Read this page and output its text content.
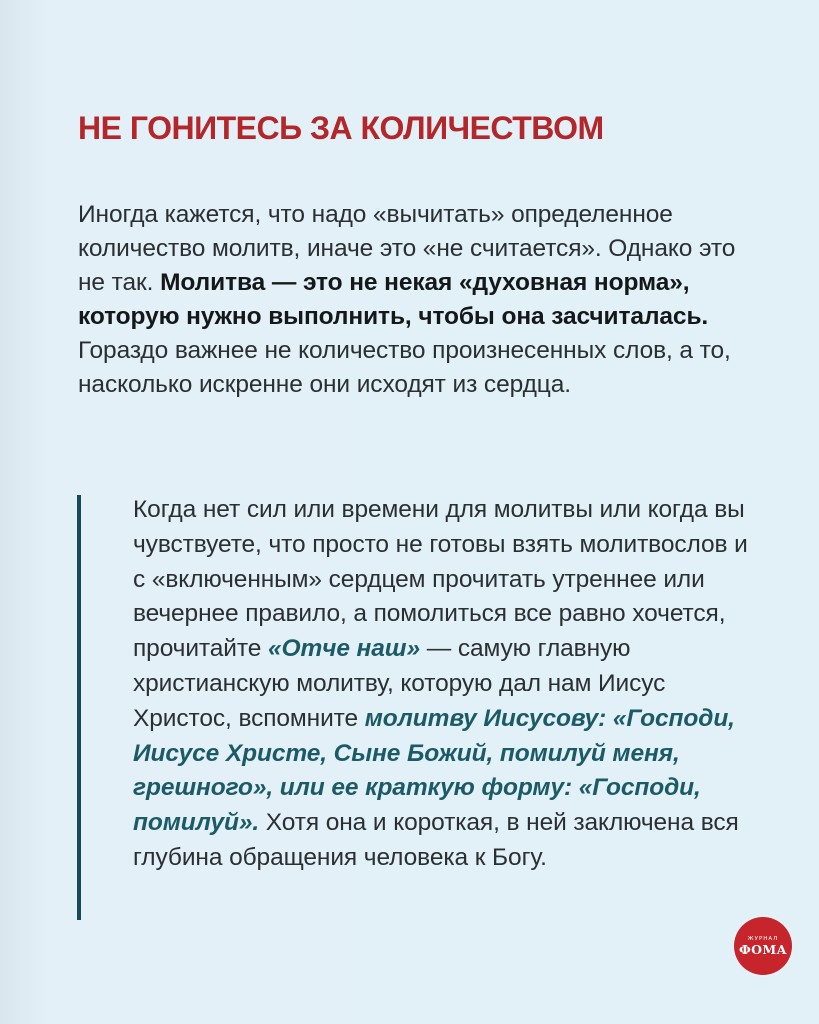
НЕ ГОНИТЕСЬ ЗА КОЛИЧЕСТВОМ

Иногда кажется, что надо «вычитать» определенное количество молитв, иначе это «не считается». Однако это не так. Молитва — это не некая «духовная норма», которую нужно выполнить, чтобы она засчиталась. Гораздо важнее не количество произнесенных слов, а то, насколько искренне они исходят из сердца.

Когда нет сил или времени для молитвы или когда вы чувствуете, что просто не готовы взять молитвослов и с «включенным» сердцем прочитать утреннее или вечернее правило, а помолиться все равно хочется, прочитайте «Отче наш» — самую главную христианскую молитву, которую дал нам Иисус Христос, вспомните молитву Иисусову: «Господи, Иисусе Христе, Сыне Божий, помилуй меня, грешного», или ее краткую форму: «Господи, помилуй». Хотя она и короткая, в ней заключена вся глубина обращения человека к Богу.

ЖУРНАЛ
ФОМА
